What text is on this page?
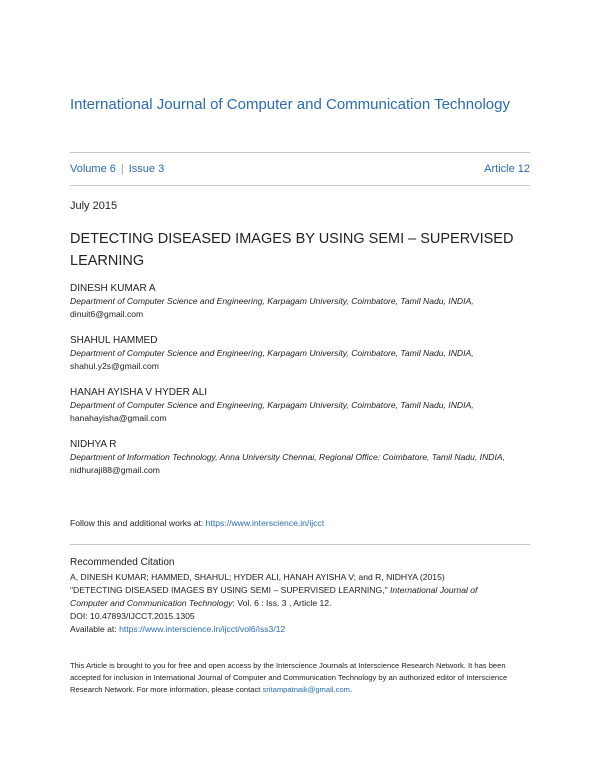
International Journal of Computer and Communication Technology
Volume 6 | Issue 3	Article 12
July 2015
DETECTING DISEASED IMAGES BY USING SEMI – SUPERVISED LEARNING
DINESH KUMAR A
Department of Computer Science and Engineering, Karpagam University, Coimbatore, Tamil Nadu, INDIA,
dinuit6@gmail.com
SHAHUL HAMMED
Department of Computer Science and Engineering, Karpagam University, Coimbatore, Tamil Nadu, INDIA,
shahul.y2s@gmail.com
HANAH AYISHA V HYDER ALI
Department of Computer Science and Engineering, Karpagam University, Coimbatore, Tamil Nadu, INDIA,
hanahayisha@gmail.com
NIDHYA R
Department of Information Technology, Anna University Chennai, Regional Office: Coimbatore, Tamil Nadu, INDIA, nidhuraji88@gmail.com
Follow this and additional works at: https://www.interscience.in/ijcct
Recommended Citation
A, DINESH KUMAR; HAMMED, SHAHUL; HYDER ALI, HANAH AYISHA V; and R, NIDHYA (2015)
"DETECTING DISEASED IMAGES BY USING SEMI – SUPERVISED LEARNING," International Journal of
Computer and Communication Technology: Vol. 6 : Iss. 3 , Article 12.
DOI: 10.47893/IJCCT.2015.1305
Available at: https://www.interscience.in/ijcct/vol6/iss3/12
This Article is brought to you for free and open access by the Interscience Journals at Interscience Research Network. It has been accepted for inclusion in International Journal of Computer and Communication Technology by an authorized editor of Interscience Research Network. For more information, please contact sritampatnaik@gmail.com.
